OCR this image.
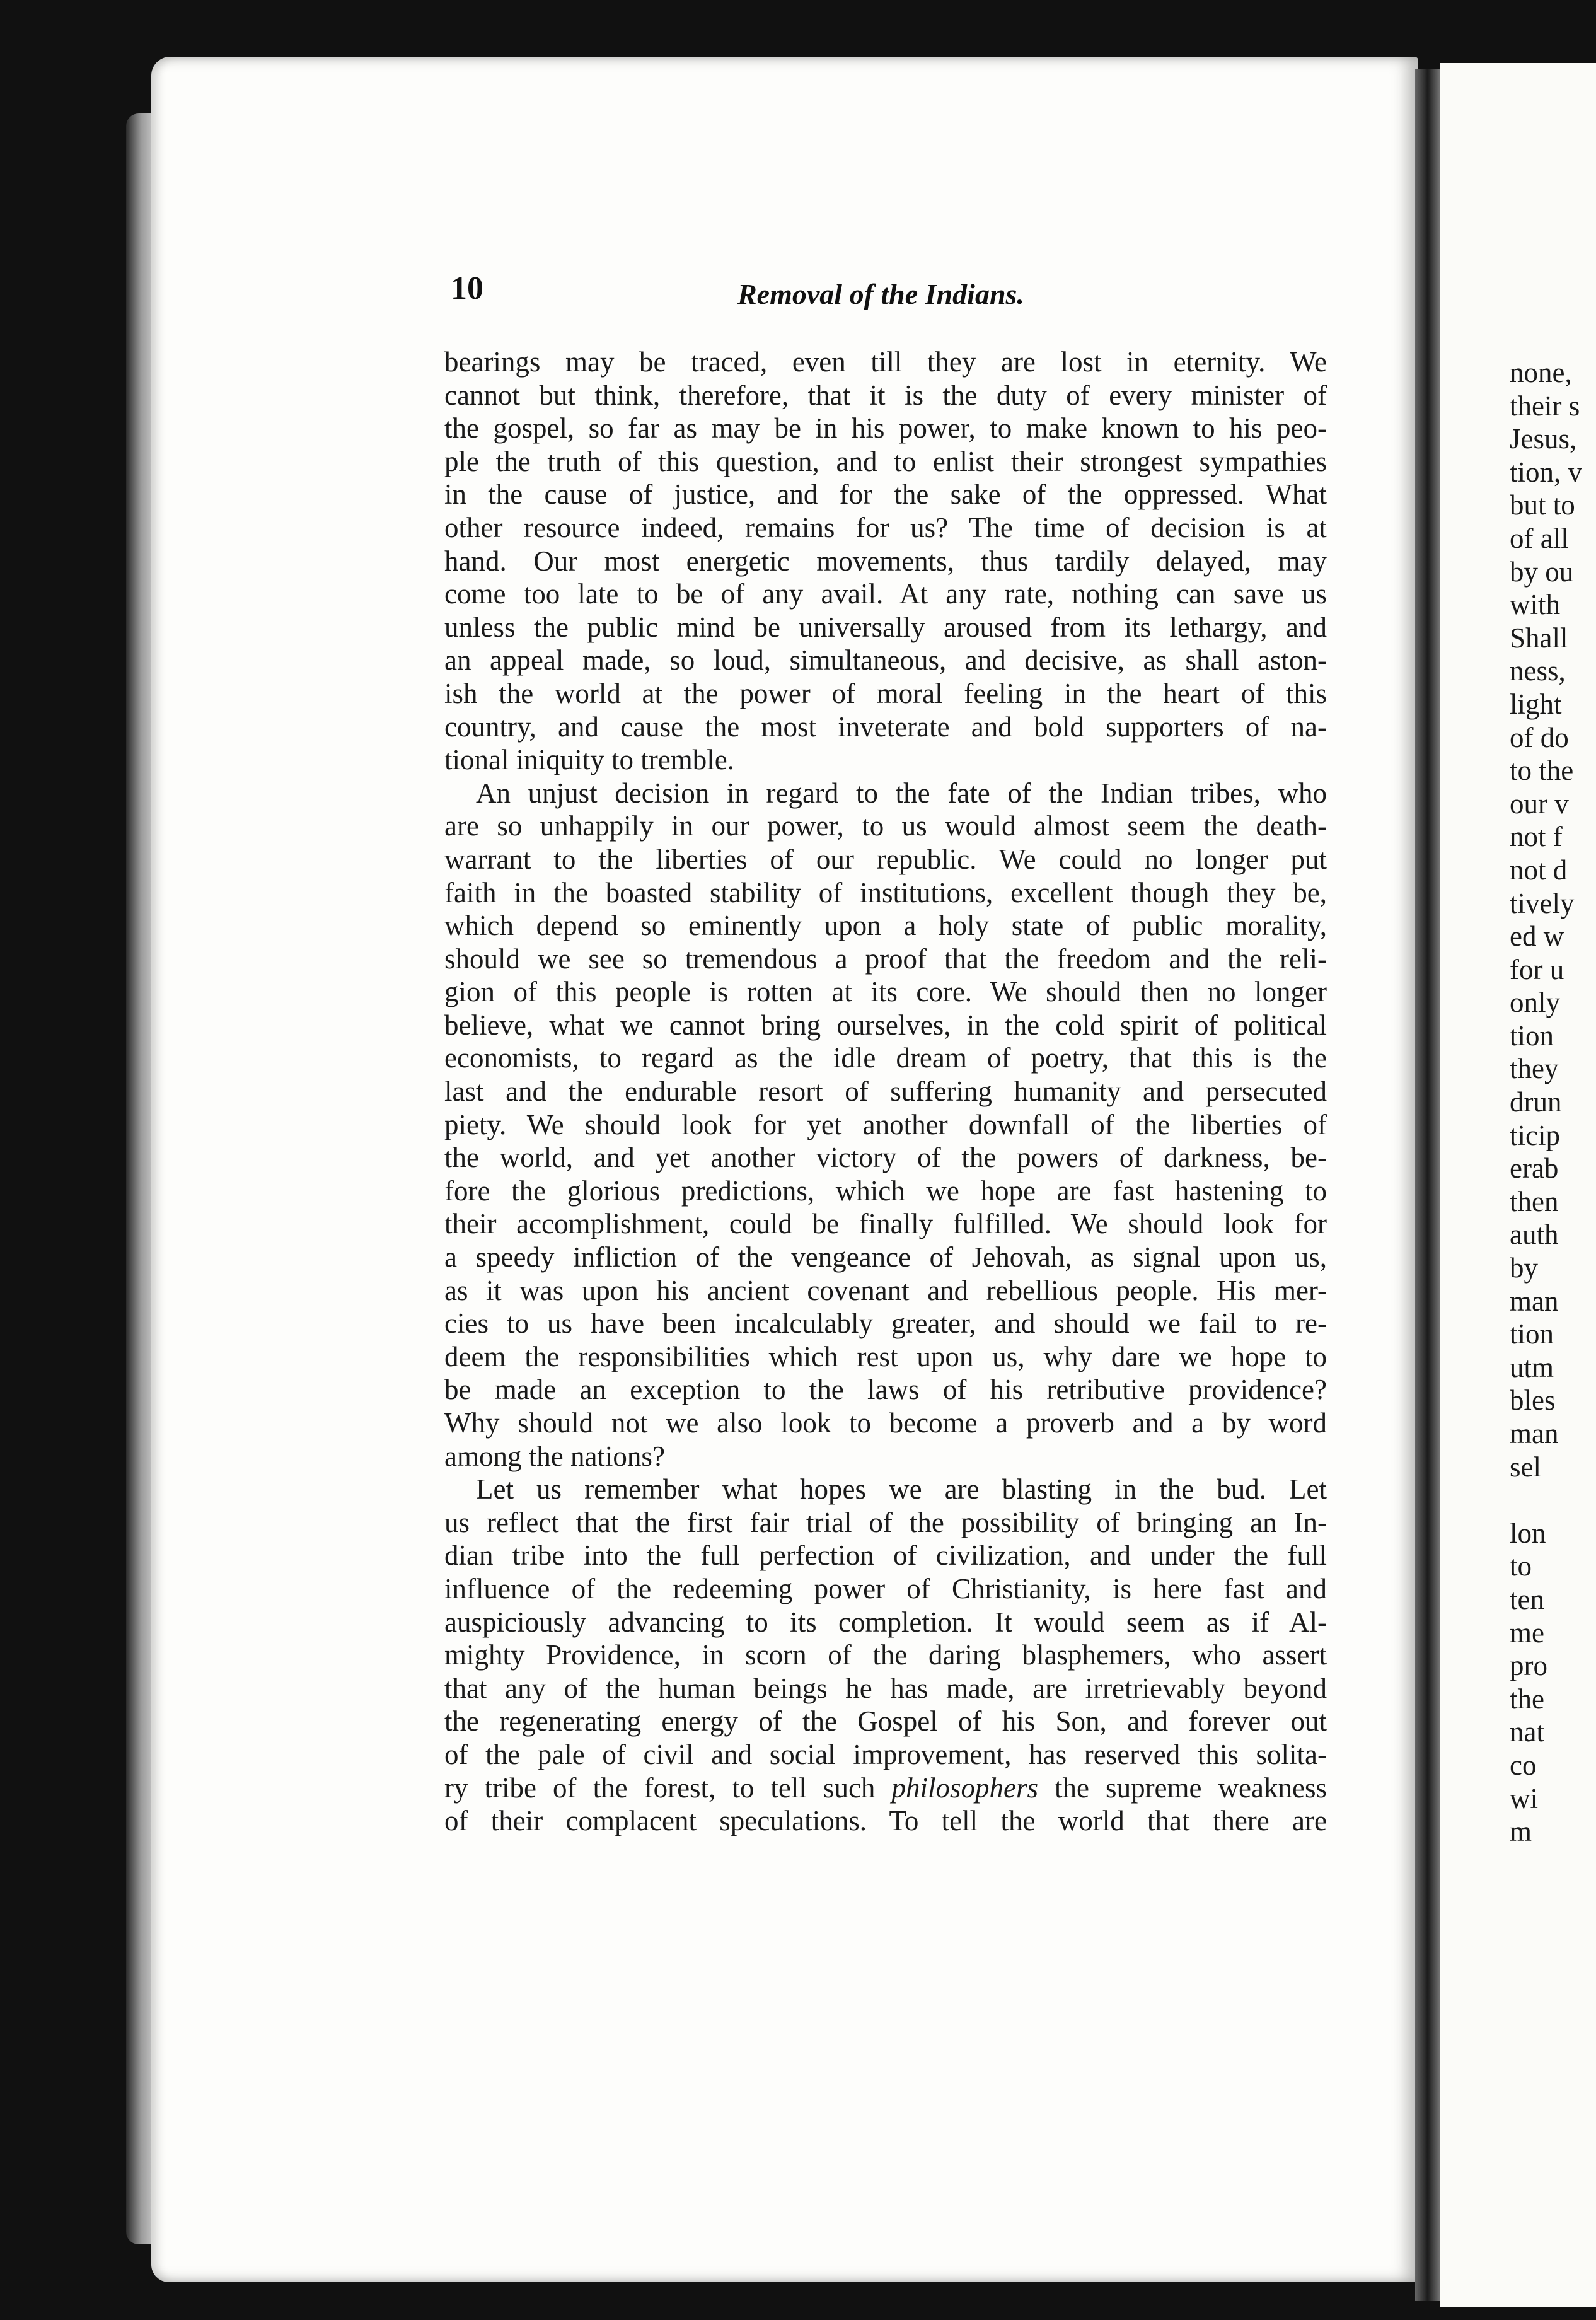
10	Removal of the Indians.
bearings may be traced, even till they are lost in eternity. We
cannot but think, therefore, that it is the duty of every minister of
the gospel, so far as may be in his power, to make known to his peo-
ple the truth of this question, and to enlist their strongest sympathies
in the cause of justice, and for the sake of the oppressed. What
other resource indeed, remains for us? The time of decision is at
hand. Our most energetic movements, thus tardily delayed, may
come too late to be of any avail. At any rate, nothing can save us
unless the public mind be universally aroused from its lethargy, and
an appeal made, so loud, simultaneous, and decisive, as shall aston-
ish the world at the power of moral feeling in the heart of this
country, and cause the most inveterate and bold supporters of na-
tional iniquity to tremble.
An unjust decision in regard to the fate of the Indian tribes, who
are so unhappily in our power, to us would almost seem the death-
warrant to the liberties of our republic. We could no longer put
faith in the boasted stability of institutions, excellent though they be,
which depend so eminently upon a holy state of public morality,
should we see so tremendous a proof that the freedom and the reli-
gion of this people is rotten at its core. We should then no longer
believe, what we cannot bring ourselves, in the cold spirit of political
economists, to regard as the idle dream of poetry, that this is the
last and the endurable resort of suffering humanity and persecuted
piety. We should look for yet another downfall of the liberties of
the world, and yet another victory of the powers of darkness, be-
fore the glorious predictions, which we hope are fast hastening to
their accomplishment, could be finally fulfilled. We should look for
a speedy infliction of the vengeance of Jehovah, as signal upon us,
as it was upon his ancient covenant and rebellious people. His mer-
cies to us have been incalculably greater, and should we fail to re-
deem the responsibilities which rest upon us, why dare we hope to
be made an exception to the laws of his retributive providence?
Why should not we also look to become a proverb and a by word
among the nations?
Let us remember what hopes we are blasting in the bud. Let
us reflect that the first fair trial of the possibility of bringing an In-
dian tribe into the full perfection of civilization, and under the full
influence of the redeeming power of Christianity, is here fast and
auspiciously advancing to its completion. It would seem as if Al-
mighty Providence, in scorn of the daring blasphemers, who assert
that any of the human beings he has made, are irretrievably beyond
the regenerating energy of the Gospel of his Son, and forever out
of the pale of civil and social improvement, has reserved this solita-
ry tribe of the forest, to tell such philosophers the supreme weakness
of their complacent speculations. To tell the world that there are
none,
their s
Jesus,
tion, v
but to
of all
by ou
with
Shall
ness,
light
of do
to the
our v
not f
not d
tively
ed w
for u
only
tion
they
drun
ticip
erab
then
auth
by
man
tion
utm
bles
man
sel
lon
to
ten
me
pro
the
nat
co
wi
m
